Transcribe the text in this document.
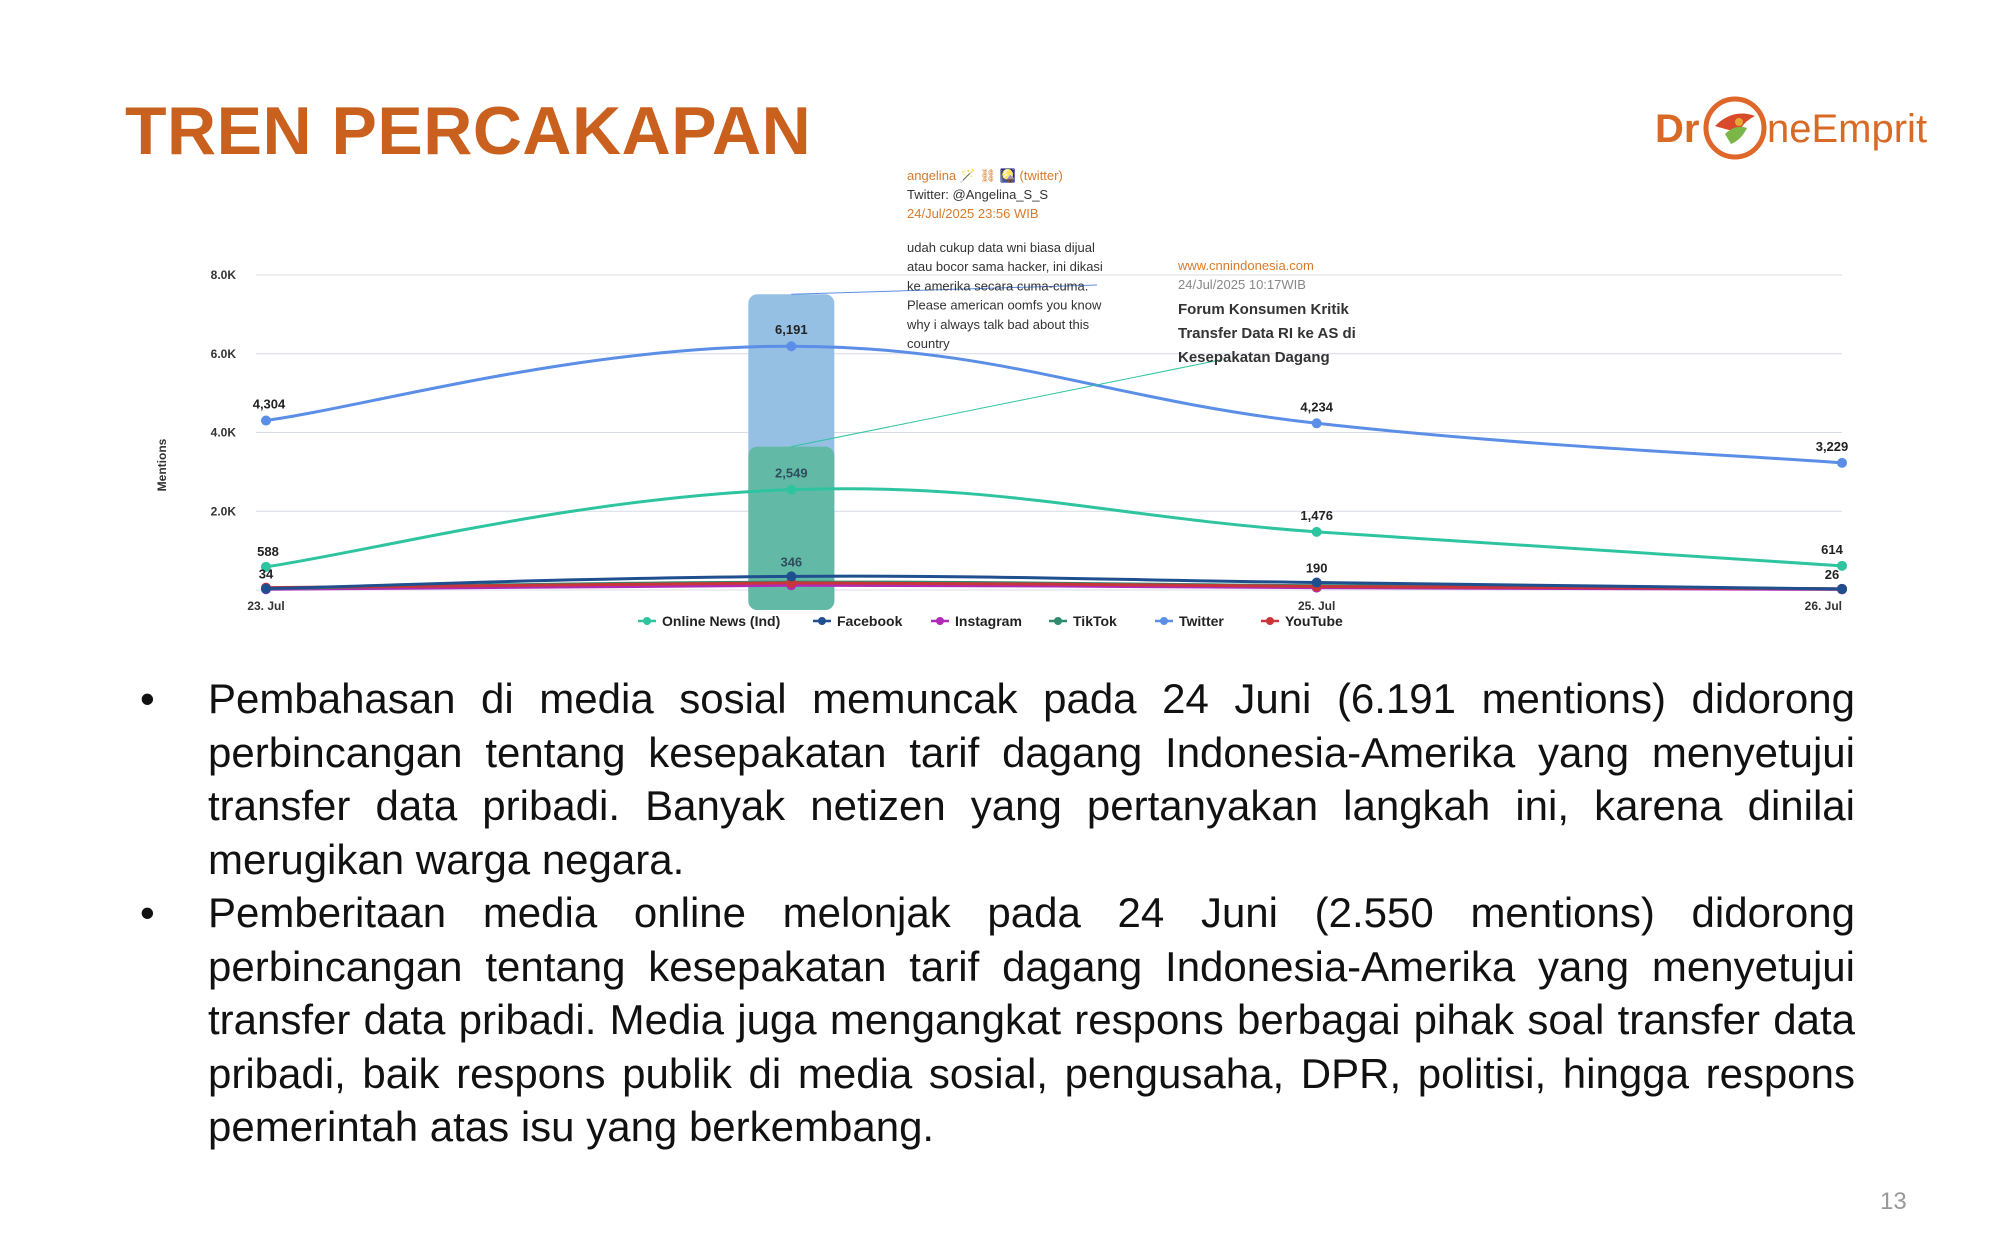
TREN PERCAKAPAN	Dr neEmprit
2.0K
4.0K
6.0K
8.0K
Mentions
23. Jul	25. Jul	26. Jul
4,304
6,191
4,234
3,229
588
2,549
1,476
614
34
346	190	26
angelina 🪄 ⛓ 🎑 (twitter)
Twitter: @Angelina_S_S
24/Jul/2025 23:56 WIB
udah cukup data wni biasa dijual
atau bocor sama hacker, ini dikasi
ke amerika secara cuma-cuma.
Please american oomfs you know
why i always talk bad about this
country
www.cnnindonesia.com
24/Jul/2025 10:17WIB
Forum Konsumen Kritik
Transfer Data RI ke AS di
Kesepakatan Dagang
Online News (Ind)	Facebook	Instagram	TikTok	Twitter	YouTube
•	Pembahasan di media sosial memuncak pada 24 Juni (6.191 mentions) didorong perbincangan tentang kesepakatan tarif dagang Indonesia-Amerika yang menyetujui transfer data pribadi. Banyak netizen yang pertanyakan langkah ini, karena dinilai merugikan warga negara.
•	Pemberitaan media online melonjak pada 24 Juni (2.550 mentions) didorong perbincangan tentang kesepakatan tarif dagang Indonesia-Amerika yang menyetujui transfer data pribadi. Media juga mengangkat respons berbagai pihak soal transfer data pribadi, baik respons publik di media sosial, pengusaha, DPR, politisi, hingga respons pemerintah atas isu yang berkembang.
13
